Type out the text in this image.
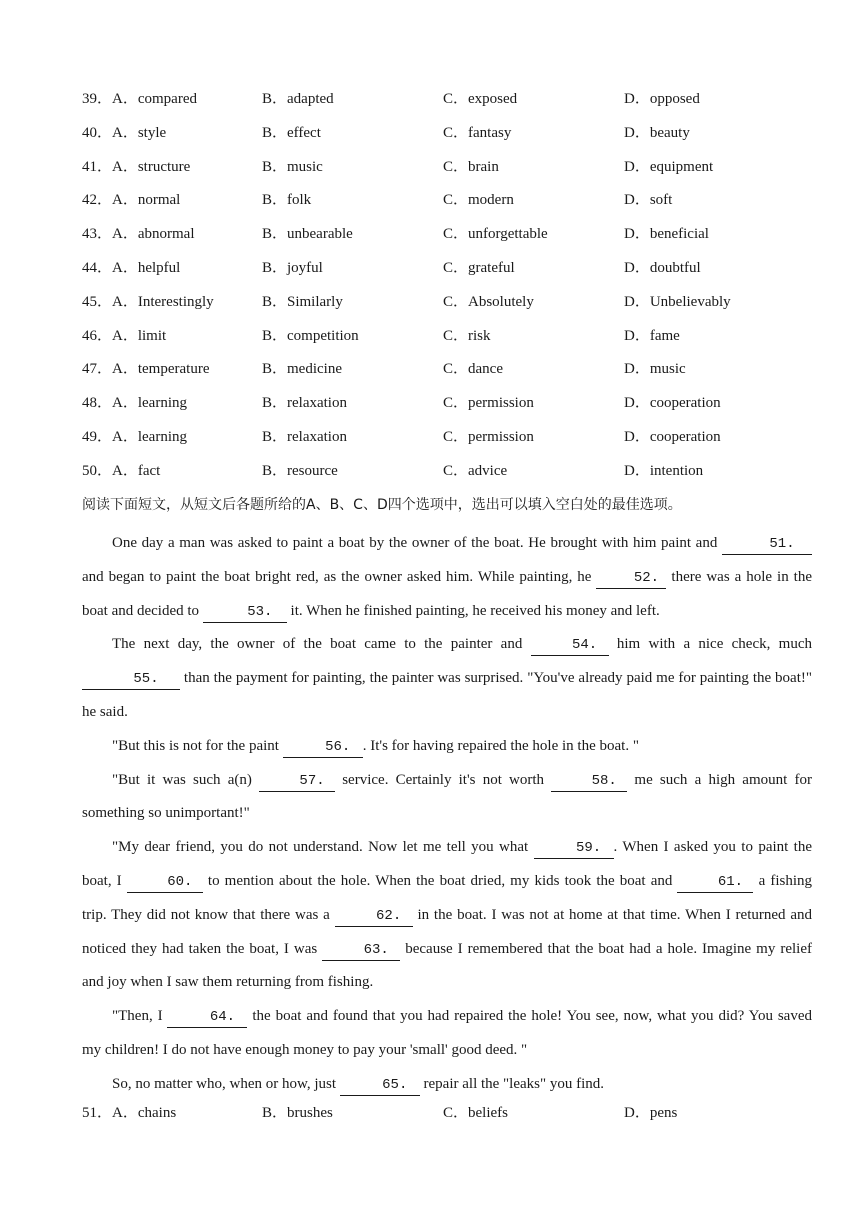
39．A．compared	B．adapted	C．exposed	D．opposed
40．A．style	B．effect	C．fantasy	D．beauty
41．A．structure	B．music	C．brain	D．equipment
42．A．normal	B．folk	C．modern	D．soft
43．A．abnormal	B．unbearable	C．unforgettable	D．beneficial
44．A．helpful	B．joyful	C．grateful	D．doubtful
45．A．Interestingly	B．Similarly	C．Absolutely	D．Unbelievably
46．A．limit	B．competition	C．risk	D．fame
47．A．temperature	B．medicine	C．dance	D．music
48．A．learning	B．relaxation	C．permission	D．cooperation
49．A．learning	B．relaxation	C．permission	D．cooperation
50．A．fact	B．resource	C．advice	D．intention
阅读下面短文，从短文后各题所给的A、B、C、D四个选项中，选出可以填入空白处的最佳选项。

One day a man was asked to paint a boat by the owner of the boat. He brought with him paint and	51. and began to paint the boat bright red, as the owner asked him. While painting, he	52. there was a hole in the boat and decided to	53. it. When he finished painting, he received his money and left.

The next day, the owner of the boat came to the painter and	54. him with a nice check, much 55. than the payment for painting, the painter was surprised. "You've already paid me for painting the boat!" he said.

"But this is not for the paint	56. . It's for having repaired the hole in the boat. "

"But it was such a(n)	57. service. Certainly it's not worth	58. me such a high amount for something so unimportant!"

"My dear friend, you do not understand. Now let me tell you what	59. . When I asked you to paint the boat, I	60. to mention about the hole. When the boat dried, my kids took the boat and	61. a fishing trip. They did not know that there was a	62. in the boat. I was not at home at that time. When I returned and noticed they had taken the boat, I was	63. because I remembered that the boat had a hole. Imagine my relief and joy when I saw them returning from fishing.

"Then, I	64. the boat and found that you had repaired the hole! You see, now, what you did? You saved my children! I do not have enough money to pay your 'small' good deed. "

So, no matter who, when or how, just	65. repair all the "leaks" you find.

51．A．chains	B．brushes	C．beliefs	D．pens
